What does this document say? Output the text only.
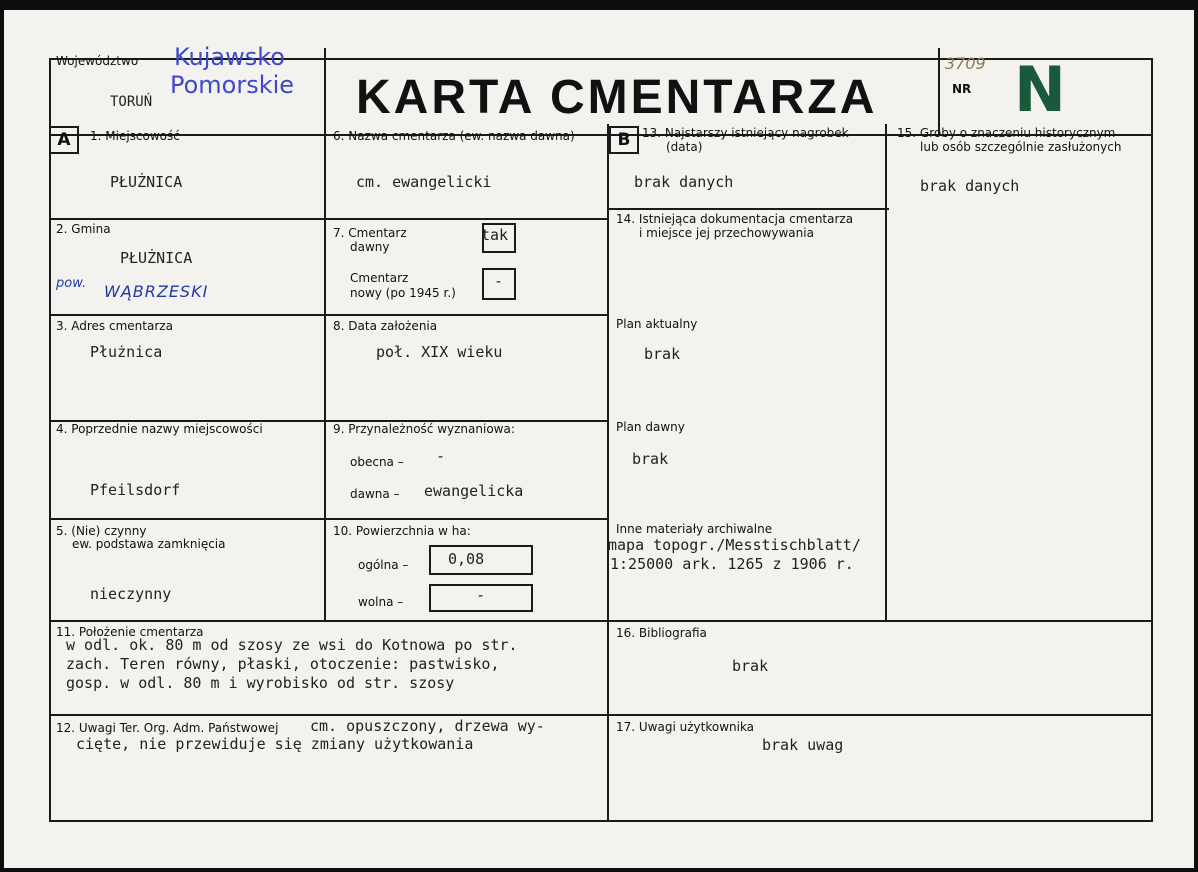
Województwo Kujawsko
Pomorskie
TORUŃ	KARTA CMENTARZA
3709
NR N
A	B
1. Miejscowość
PŁUŻNICA
2. Gmina
PŁUŻNICA
pow. WĄBRZESKI
3. Adres cmentarza
Płużnica
4. Poprzednie nazwy miejscowości
Pfeilsdorf
5. (Nie) czynny
ew. podstawa zamknięcia
nieczynny
6. Nazwa cmentarza (ew. nazwa dawna)
cm. ewangelicki
7. Cmentarz
dawny
tak
Cmentarz
nowy (po 1945 r.)
-
8. Data założenia
poł. XIX wieku
9. Przynależność wyznaniowa:
obecna – -
dawna – ewangelicka
10. Powierzchnia w ha:
ogólna –	0,08
wolna –	-
13. Najstarszy istniejący nagrobek
(data)
brak danych
14. Istniejąca dokumentacja cmentarza
i miejsce jej przechowywania
Plan aktualny
brak
Plan dawny
brak
Inne materiały archiwalne
mapa topogr./Messtischblatt/
1:25000 ark. 1265 z 1906 r.
15. Groby o znaczeniu historycznym
lub osób szczególnie zasłużonych
brak danych
11. Położenie cmentarza
w odl. ok. 80 m od szosy ze wsi do Kotnowa po str.
zach. Teren równy, płaski, otoczenie: pastwisko,
gosp. w odl. 80 m i wyrobisko od str. szosy
16. Bibliografia
brak
12. Uwagi Ter. Org. Adm. Państwowej cm. opuszczony, drzewa wy-
cięte, nie przewiduje się zmiany użytkowania
17. Uwagi użytkownika
brak uwag
